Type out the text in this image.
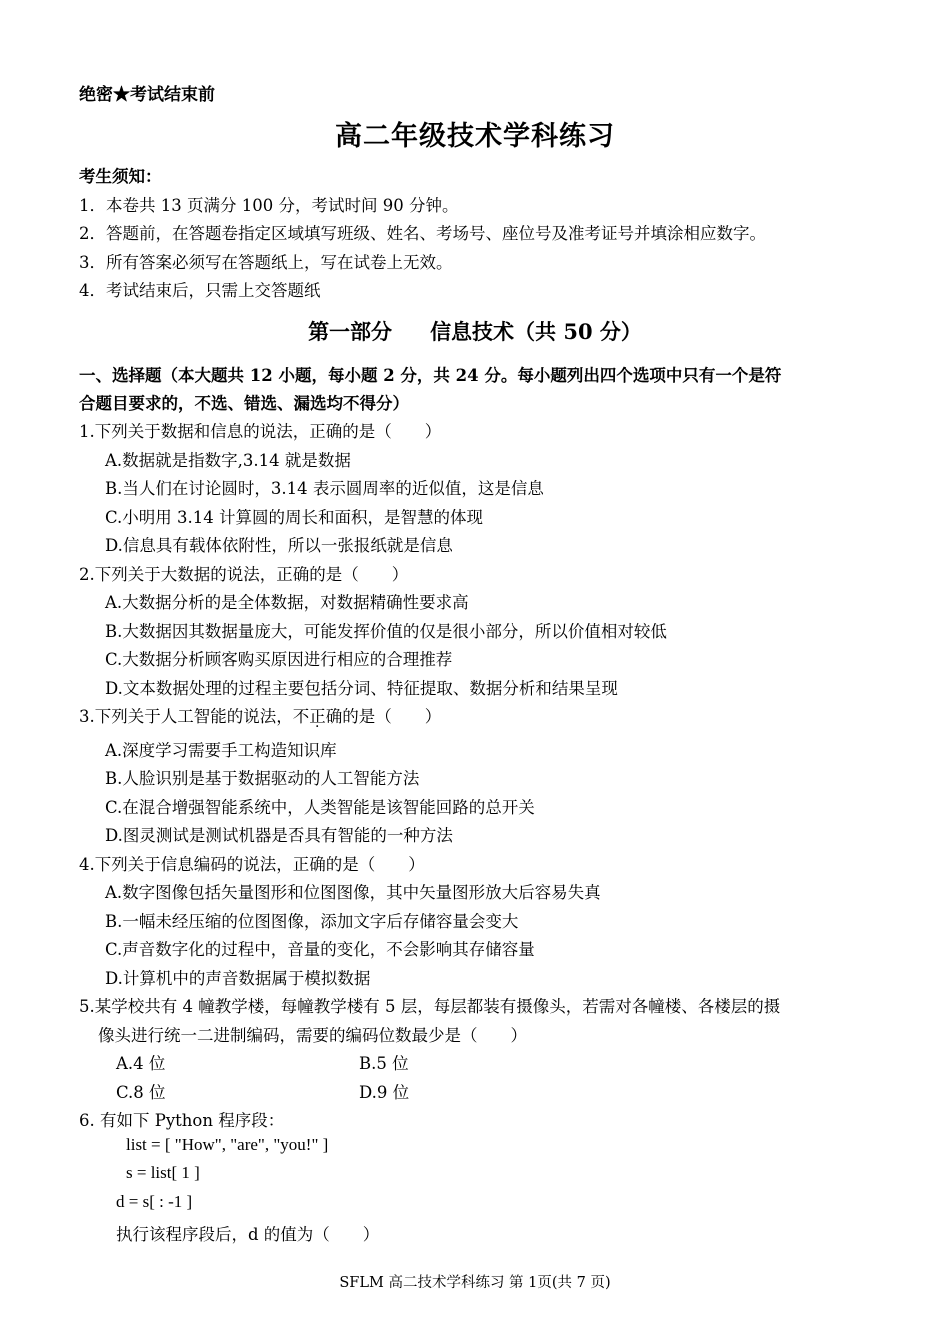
绝密★考试结束前
高二年级技术学科练习
考生须知：
1．本卷共 13 页满分 100 分，考试时间 90 分钟。
2．答题前，在答题卷指定区域填写班级、姓名、考场号、座位号及准考证号并填涂相应数字。
3．所有答案必须写在答题纸上，写在试卷上无效。
4．考试结束后，只需上交答题纸
第一部分 信息技术（共 50 分）
一、选择题（本大题共 12 小题，每小题 2 分，共 24 分。每小题列出四个选项中只有一个是符
合题目要求的，不选、错选、漏选均不得分）
1.下列关于数据和信息的说法，正确的是（　　）
A.数据就是指数字,3.14 就是数据
B.当人们在讨论圆时，3.14 表示圆周率的近似值，这是信息
C.小明用 3.14 计算圆的周长和面积，是智慧的体现
D.信息具有载体依附性，所以一张报纸就是信息
2.下列关于大数据的说法，正确的是（　　）
A.大数据分析的是全体数据，对数据精确性要求高
B.大数据因其数据量庞大，可能发挥价值的仅是很小部分，所以价值相对较低
C.大数据分析顾客购买原因进行相应的合理推荐
D.文本数据处理的过程主要包括分词、特征提取、数据分析和结果呈现
3.下列关于人工智能的说法，不正确的是（　　）
A.深度学习需要手工构造知识库
B.人脸识别是基于数据驱动的人工智能方法
C.在混合增强智能系统中，人类智能是该智能回路的总开关
D.图灵测试是测试机器是否具有智能的一种方法
4.下列关于信息编码的说法，正确的是（　　）
A.数字图像包括矢量图形和位图图像，其中矢量图形放大后容易失真
B.一幅未经压缩的位图图像，添加文字后存储容量会变大
C.声音数字化的过程中，音量的变化，不会影响其存储容量
D.计算机中的声音数据属于模拟数据
5.某学校共有 4 幢教学楼，每幢教学楼有 5 层，每层都装有摄像头，若需对各幢楼、各楼层的摄
像头进行统一二进制编码，需要的编码位数最少是（　　）
A.4 位	B.5 位
C.8 位	D.9 位
6. 有如下 Python 程序段：
list = [ "How", "are", "you!" ]
s = list[ 1 ]
d = s[ : -1 ]
执行该程序段后，d 的值为（　　）
SFLM 高二技术学科练习 第 1页(共 7 页)
